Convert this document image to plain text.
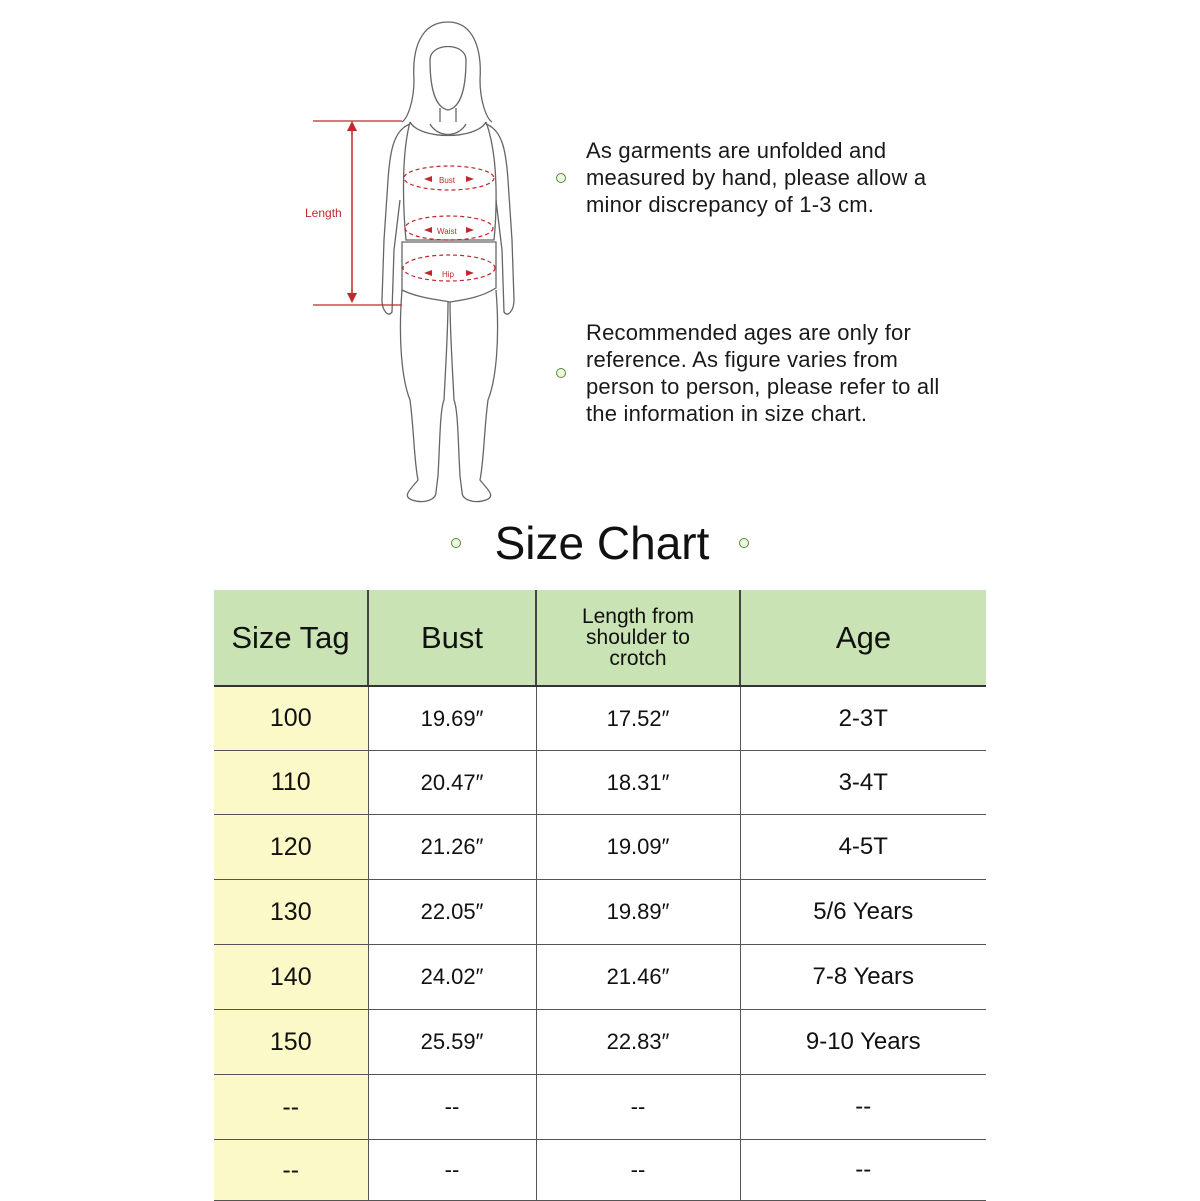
Length
Bust
Waist
Hip
As garments are unfolded and
measured by hand, please allow a
minor discrepancy of 1-3 cm.
Recommended ages are only for
reference. As figure varies from
person to person, please refer to all
the information in size chart.
Size Chart
Size Tag	Bust	Length from
shoulder to
crotch	Age
100	19.69″	17.52″	2-3T
110	20.47″	18.31″	3-4T
120	21.26″	19.09″	4-5T
130	22.05″	19.89″	5/6 Years
140	24.02″	21.46″	7-8 Years
150	25.59″	22.83″	9-10 Years
--	--	--	--
--	--	--	--
